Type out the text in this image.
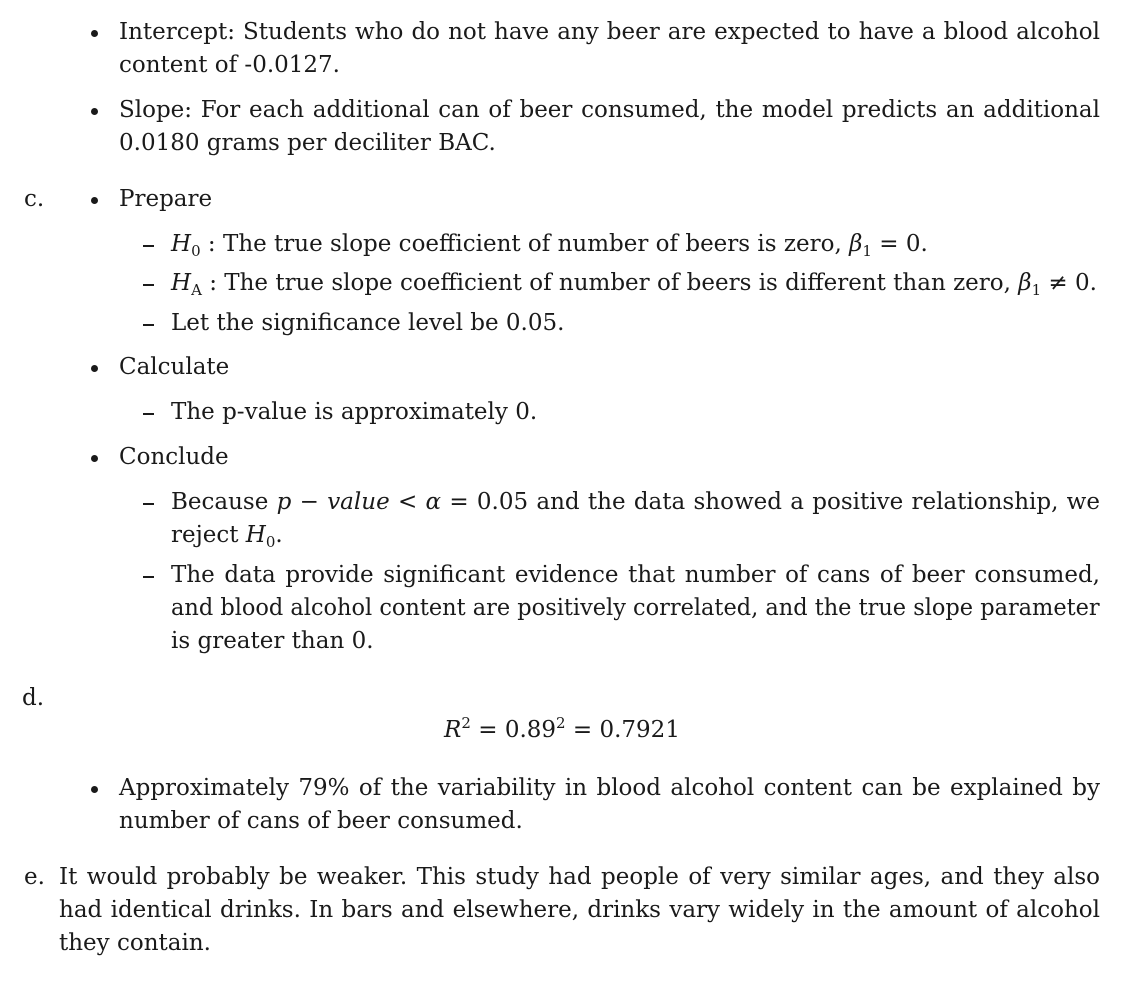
Intercept: Students who do not have any beer are expected to have a blood alcohol
content of -0.0127.
Slope: For each additional can of beer consumed, the model predicts an additional
0.0180 grams per deciliter BAC.
c.	Prepare
$H_0$ : The true slope coefficient of number of beers is zero, $\beta_1 = 0$.
$H_A$ : The true slope coefficient of number of beers is different than zero, $\beta_1 \ne 0$.
Let the significance level be 0.05.
Calculate
The p-value is approximately 0.
Conclude
Because p − value < α = 0.05 and the data showed a positive relationship, we
reject $H_0$.
The data provide significant evidence that number of cans of beer consumed,
and blood alcohol content are positively correlated, and the true slope parameter
is greater than 0.
d.
$R^2 = 0.89^2 = 0.7921$
Approximately 79% of the variability in blood alcohol content can be explained by
number of cans of beer consumed.
e. It would probably be weaker. This study had people of very similar ages, and they also
had identical drinks. In bars and elsewhere, drinks vary widely in the amount of alcohol
they contain.
